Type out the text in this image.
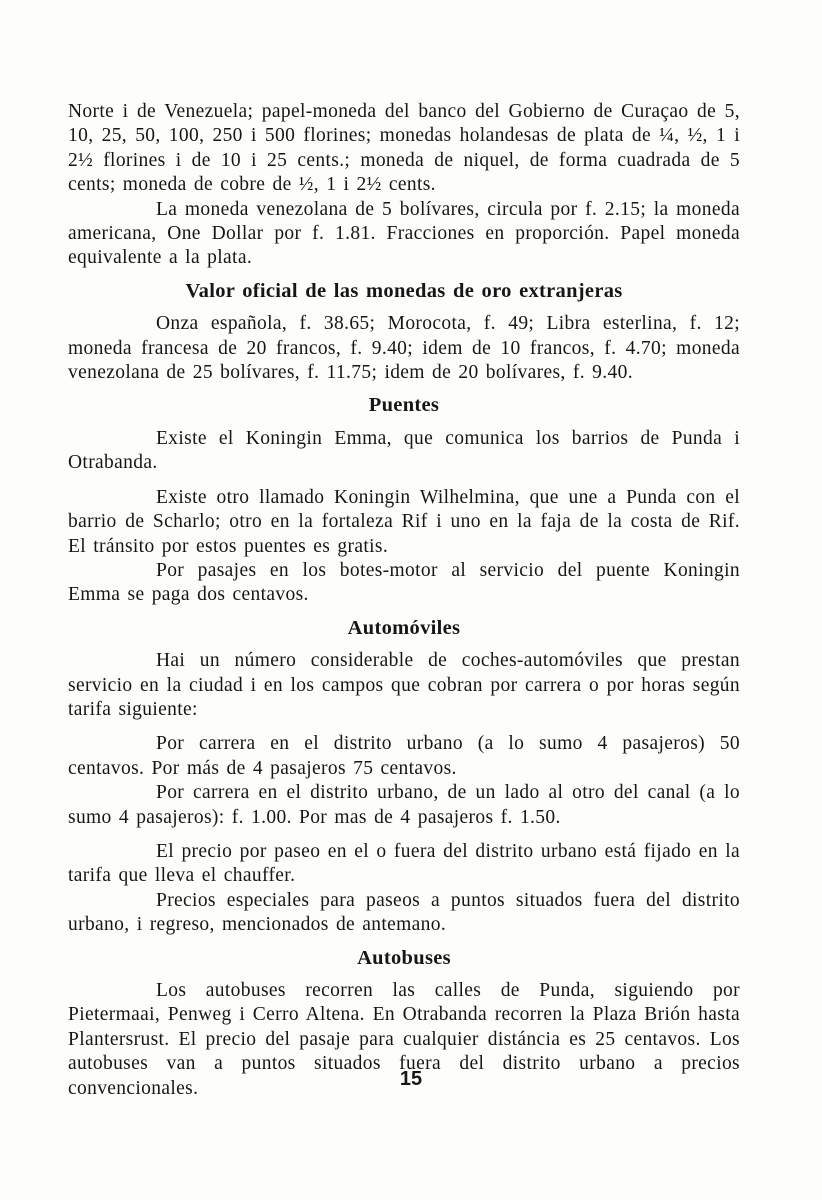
Norte i de Venezuela; papel-moneda del banco del Gobierno de Curaçao de 5, 10, 25, 50, 100, 250 i 500 florines; monedas holandesas de plata de ¼, ½, 1 i 2½ florines i de 10 i 25 cents.; moneda de niquel, de forma cuadrada de 5 cents; moneda de cobre de ½, 1 i 2½ cents.

La moneda venezolana de 5 bolívares, circula por f. 2.15; la moneda americana, One Dollar por f. 1.81. Fracciones en proporción. Papel moneda equivalente a la plata.

Valor oficial de las monedas de oro extranjeras

Onza española, f. 38.65; Morocota, f. 49; Libra esterlina, f. 12; moneda francesa de 20 francos, f. 9.40; idem de 10 francos, f. 4.70; moneda venezolana de 25 bolívares, f. 11.75; idem de 20 bolívares, f. 9.40.

Puentes

Existe el Koningin Emma, que comunica los barrios de Punda i Otrabanda.

Existe otro llamado Koningin Wilhelmina, que une a Punda con el barrio de Scharlo; otro en la fortaleza Rif i uno en la faja de la costa de Rif. El tránsito por estos puentes es gratis.

Por pasajes en los botes-motor al servicio del puente Koningin Emma se paga dos centavos.

Automóviles

Hai un número considerable de coches-automóviles que prestan servicio en la ciudad i en los campos que cobran por carrera o por horas según tarifa siguiente:

Por carrera en el distrito urbano (a lo sumo 4 pasajeros) 50 centavos. Por más de 4 pasajeros 75 centavos.

Por carrera en el distrito urbano, de un lado al otro del canal (a lo sumo 4 pasajeros): f. 1.00. Por mas de 4 pasajeros f. 1.50.

El precio por paseo en el o fuera del distrito urbano está fijado en la tarifa que lleva el chauffer.

Precios especiales para paseos a puntos situados fuera del distrito urbano, i regreso, mencionados de antemano.

Autobuses

Los autobuses recorren las calles de Punda, siguiendo por Pietermaai, Penweg i Cerro Altena. En Otrabanda recorren la Plaza Brión hasta Plantersrust. El precio del pasaje para cualquier distáncia es 25 centavos. Los autobuses van a puntos situados fuera del distrito urbano a precios convencionales.	15
